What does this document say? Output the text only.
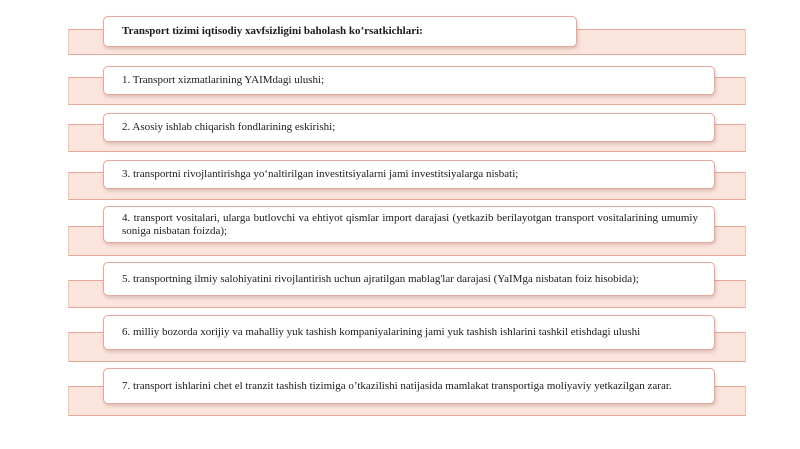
Transport tizimi iqtisodiy xavfsizligini baholash ko’rsatkichlari:
1. Transport xizmatlarining YAIMdagi ulushi;
2. Asosiy ishlab chiqarish fondlarining eskirishi;
3. transportni rivojlantirishga yo‘naltirilgan investitsiyalarni jami investitsiyalarga nisbati;
4. transport vositalari, ularga butlovchi va ehtiyot qismlar import darajasi (yetkazib berilayotgan transport vositalarining umumiy soniga nisbatan foizda);
5. transportning ilmiy salohiyatini rivojlantirish uchun ajratilgan mablag'lar darajasi (YaIMga nisbatan foiz hisobida);
6. milliy bozorda xorijiy va mahalliy yuk tashish kompaniyalarining jami yuk tashish ishlarini tashkil etishdagi ulushi
7. transport ishlarini chet el tranzit tashish tizimiga o’tkazilishi natijasida mamlakat transportiga moliyaviy yetkazilgan zarar.
